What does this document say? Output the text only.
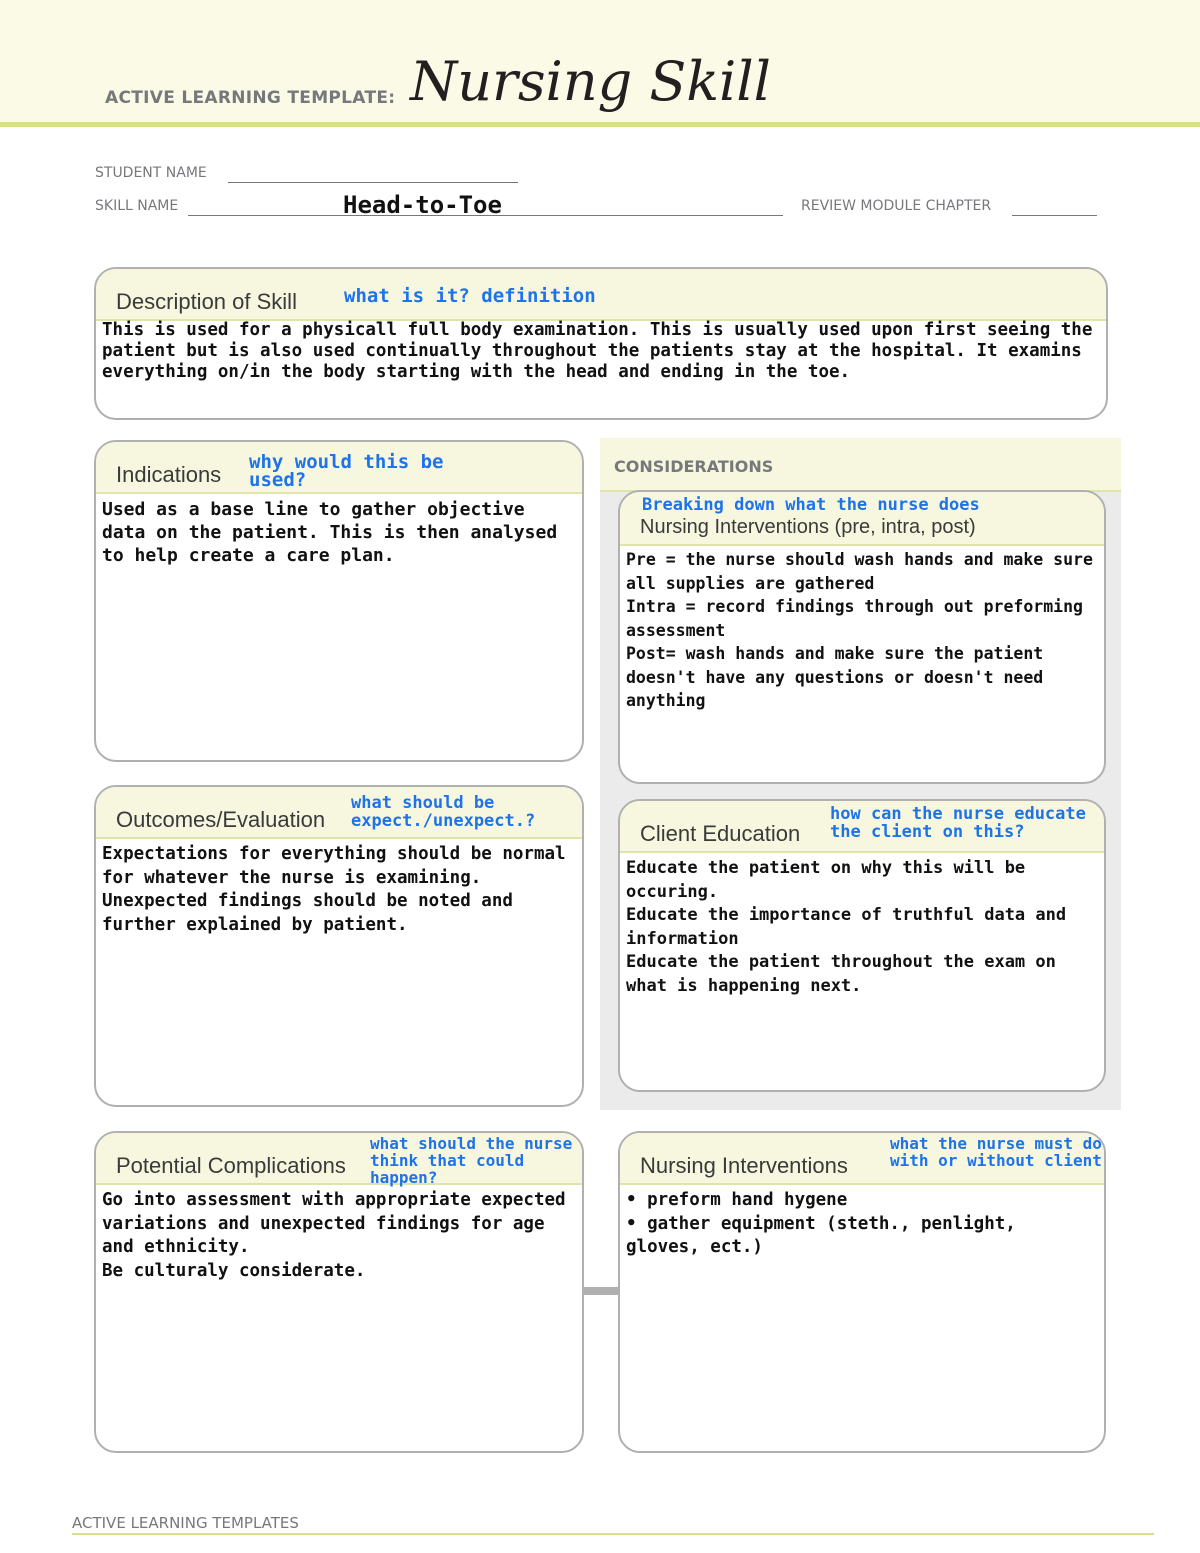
ACTIVE LEARNING TEMPLATE: Nursing Skill
STUDENT NAME
SKILL NAME	Head-to-Toe	REVIEW MODULE CHAPTER
Description of Skill what is it? definition
This is used for a physicall full body examination. This is usually used upon first seeing the patient but is also used continually throughout the patients stay at the hospital. It examins everything on/in the body starting with the head and ending in the toe.
CONSIDERATIONS
Indications why would this be used?
Used as a base line to gather objective data on the patient. This is then analysed to help create a care plan.
Breaking down what the nurse does
Nursing Interventions (pre, intra, post)
Pre = the nurse should wash hands and make sure all supplies are gathered
Intra = record findings through out preforming assessment
Post= wash hands and make sure the patient doesn't have any questions or doesn't need anything
Outcomes/Evaluation
what should be expect./unexpect.?
Expectations for everything should be normal for whatever the nurse is examining.
Unexpected findings should be noted and further explained by patient.
Client Education
how can the nurse educate the client on this?
Educate the patient on why this will be occuring.
Educate the importance of truthful data and information
Educate the patient throughout the exam on what is happening next.
Potential Complications
what should the nurse think that could happen?
Go into assessment with appropriate expected variations and unexpected findings for age and ethnicity.
Be culturaly considerate.
Nursing Interventions
what the nurse must do with or without client
• preform hand hygene
• gather equipment (steth., penlight, gloves, ect.)
ACTIVE LEARNING TEMPLATES
